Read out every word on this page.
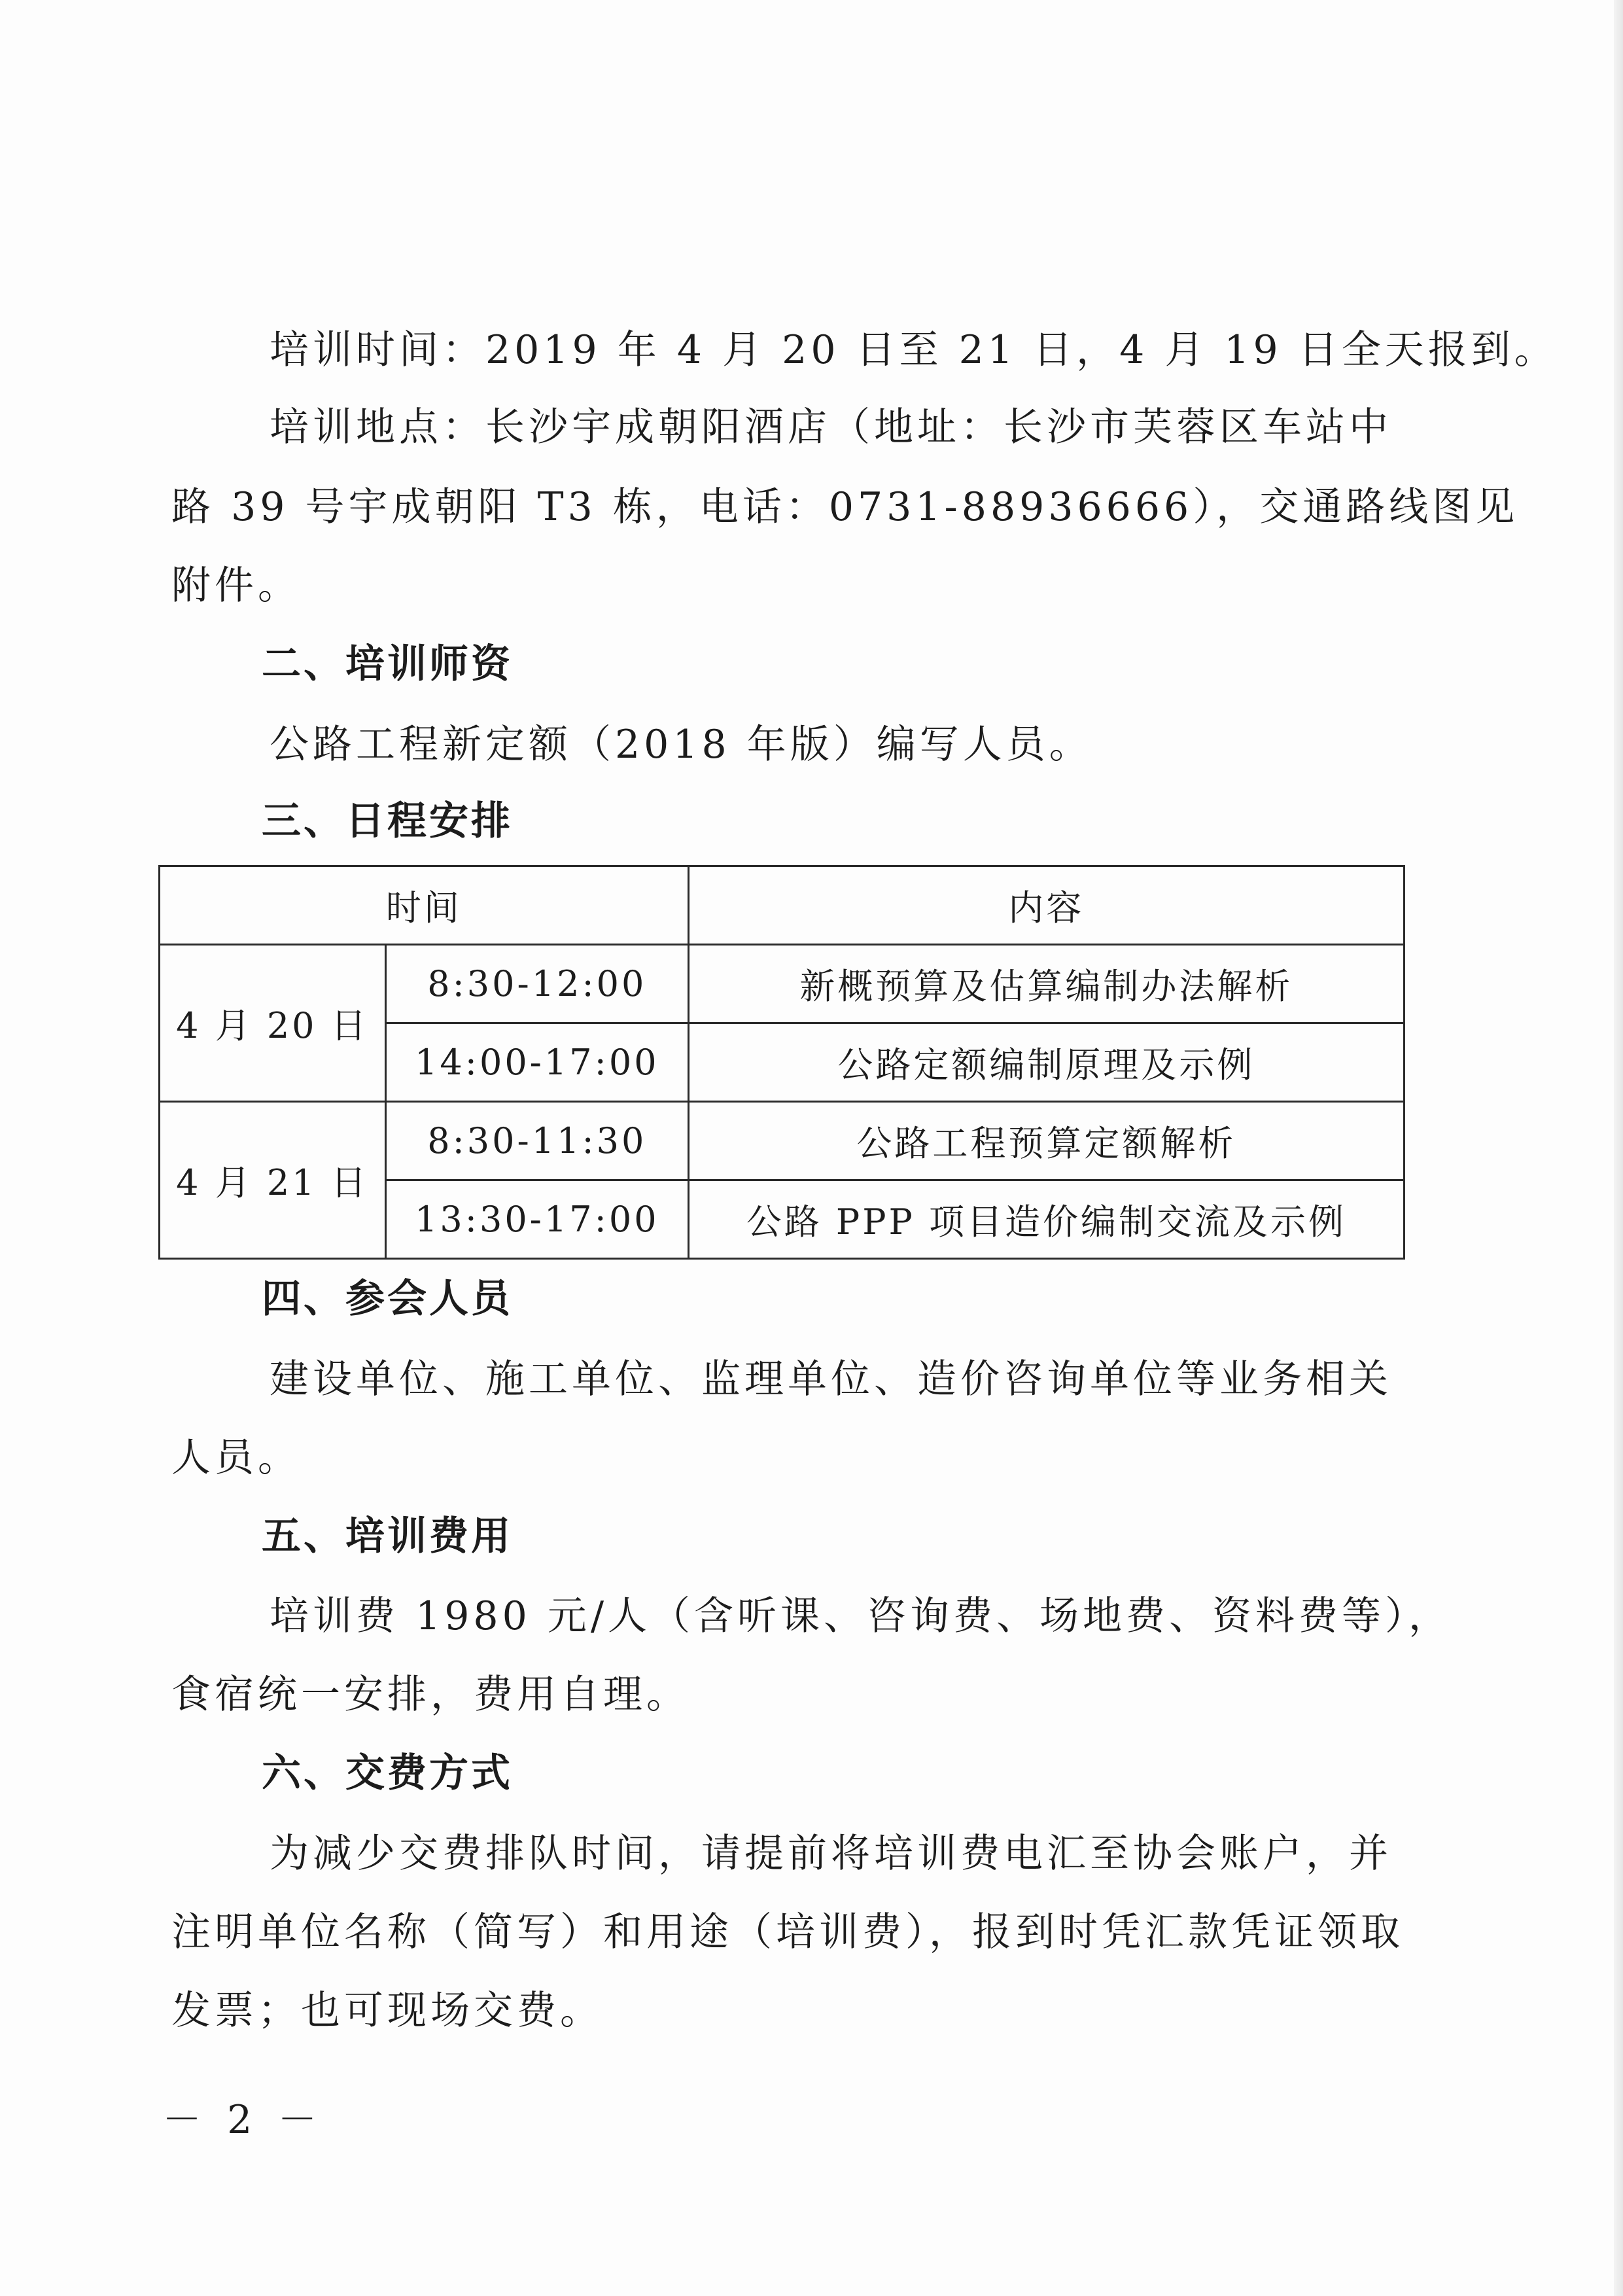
培训时间：2019 年 4 月 20 日至 21 日，4 月 19 日全天报到。
培训地点：长沙宇成朝阳酒店（地址：长沙市芙蓉区车站中
路 39 号宇成朝阳 T3 栋，电话：0731-88936666），交通路线图见
附件。
二、培训师资
公路工程新定额（2018 年版）编写人员。
三、日程安排
时间		内容
4 月 20 日	8:30-12:00	新概预算及估算编制办法解析
	14:00-17:00	公路定额编制原理及示例
4 月 21 日	8:30-11:30	公路工程预算定额解析
	13:30-17:00	公路 PPP 项目造价编制交流及示例
四、参会人员
建设单位、施工单位、监理单位、造价咨询单位等业务相关
人员。
五、培训费用
培训费 1980 元/人（含听课、咨询费、场地费、资料费等），
食宿统一安排，费用自理。
六、交费方式
为减少交费排队时间，请提前将培训费电汇至协会账户，并
注明单位名称（简写）和用途（培训费），报到时凭汇款凭证领取
发票；也可现场交费。
－ 2 －
